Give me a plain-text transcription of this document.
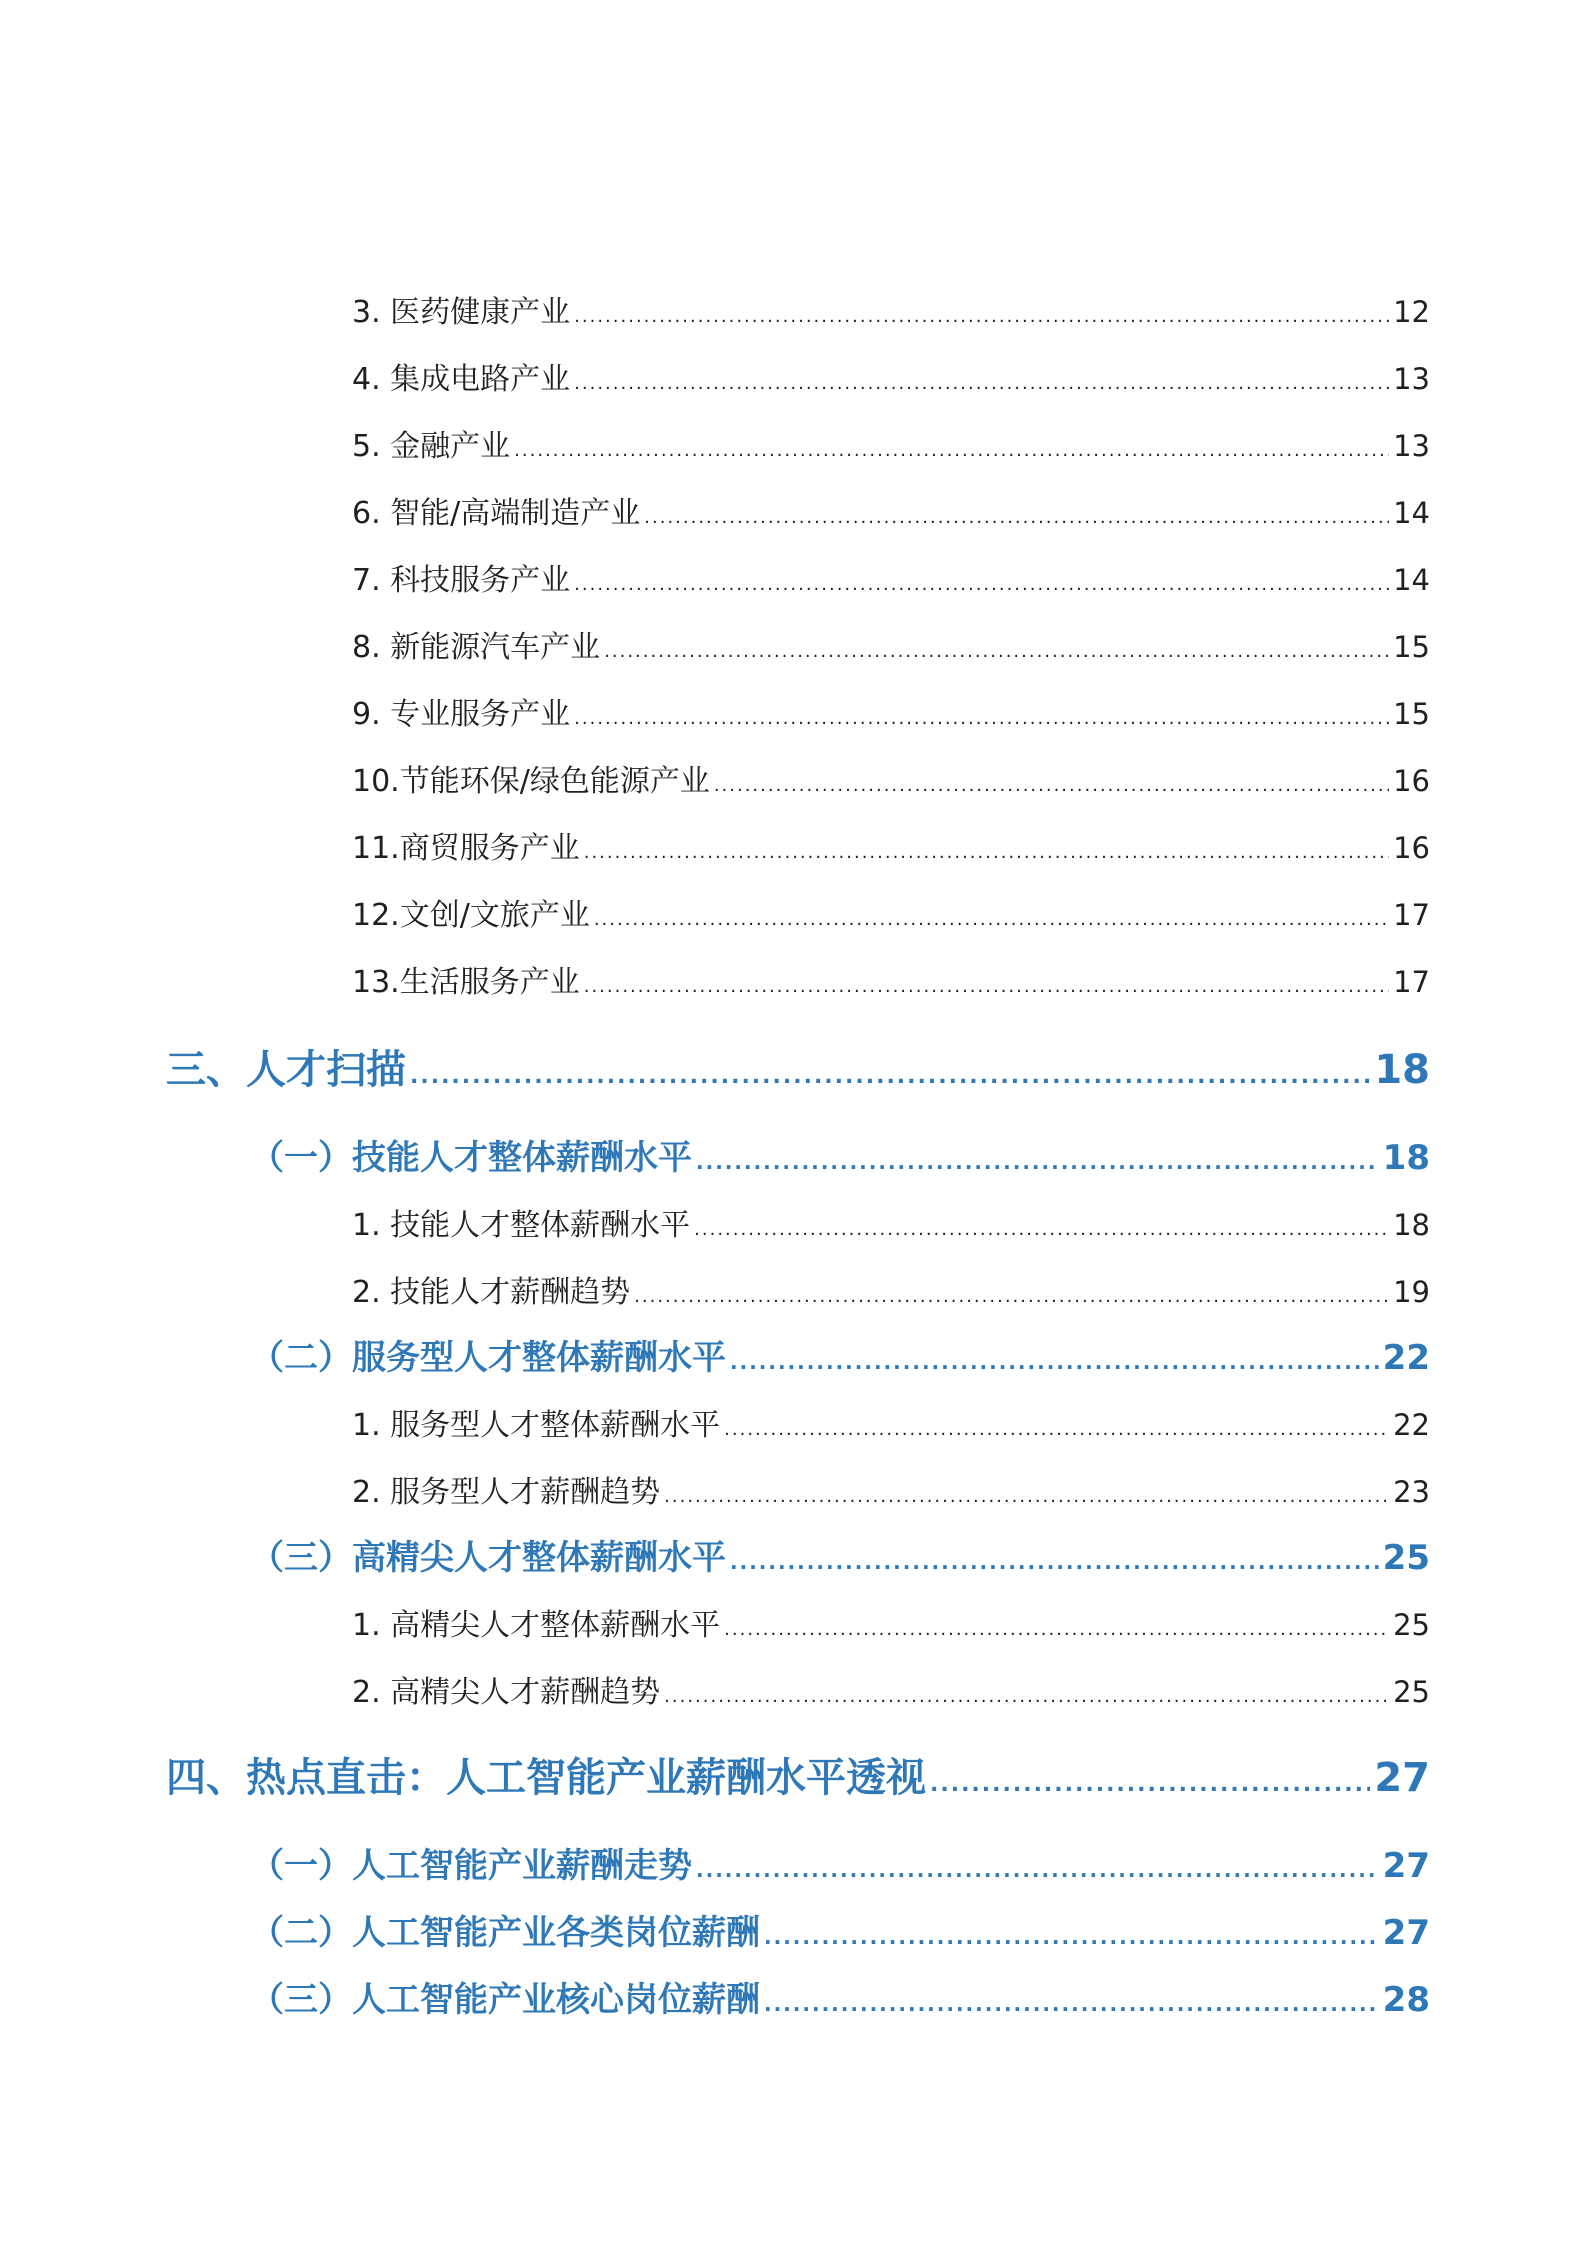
3. 医药健康产业 .....	12
4. 集成电路产业 .....	13
5. 金融产业 .....	13
6. 智能/高端制造产业 .....	14
7. 科技服务产业 .....	14
8. 新能源汽车产业 .....	15
9. 专业服务产业 .....	15
10.节能环保/绿色能源产业 .....	16
11.商贸服务产业 .....	16
12.文创/文旅产业 .....	17
13.生活服务产业 .....	17
三、人才扫描 .....	18
（一）技能人才整体薪酬水平 .....	18
1. 技能人才整体薪酬水平 .....	18
2. 技能人才薪酬趋势 .....	19
（二）服务型人才整体薪酬水平 .....	22
1. 服务型人才整体薪酬水平 .....	22
2. 服务型人才薪酬趋势 .....	23
（三）高精尖人才整体薪酬水平 .....	25
1. 高精尖人才整体薪酬水平 .....	25
2. 高精尖人才薪酬趋势 .....	25
四、热点直击：人工智能产业薪酬水平透视 .....	27
（一）人工智能产业薪酬走势 .....	27
（二）人工智能产业各类岗位薪酬 .....	27
（三）人工智能产业核心岗位薪酬 .....	28
